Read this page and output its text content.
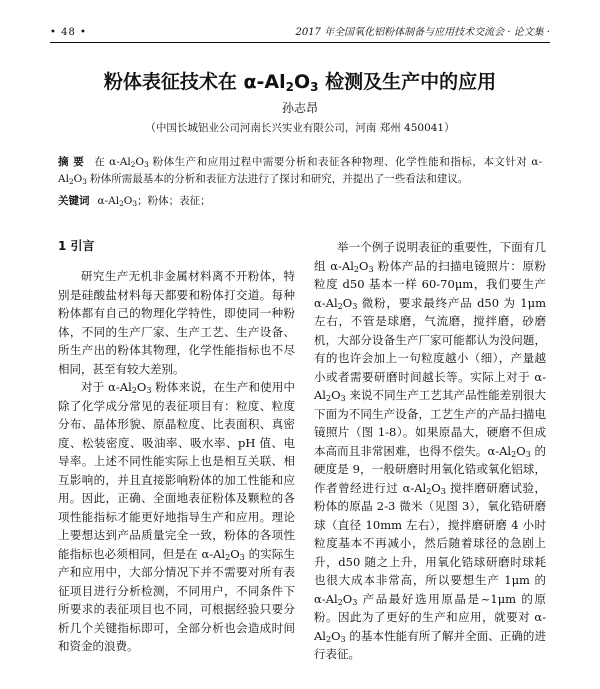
• 48 •	2017 年全国氧化铝粉体制备与应用技术交流会 · 论文集 ·
粉体表征技术在 $\alpha-Al_2O_3$ 检测及生产中的应用
孙志昂
（中国长城铝业公司河南长兴实业有限公司，河南 郑州 450041）
摘 要 在 $\alpha-Al_2O_3$ 粉体生产和应用过程中需要分析和表征各种物理、化学性能和指标，本文针对 $\alpha-Al_2O_3$ 粉体所需最基本的分析和表征方法进行了探讨和研究，并提出了一些看法和建议。
关键词 $\alpha-Al_2O_3$；粉体；表征；
1 引言

研究生产无机非金属材料离不开粉体，特别是硅酸盐材料每天都要和粉体打交道。每种粉体都有自己的物理化学特性，即使同一种粉体，不同的生产厂家、生产工艺、生产设备、所生产出的粉体其物理，化学性能指标也不尽相同，甚至有较大差别。

对于 $\alpha-Al_2O_3$ 粉体来说，在生产和使用中除了化学成分常见的表征项目有：粒度、粒度分布、晶体形貌、原晶粒度、比表面积、真密度、松装密度、吸油率、吸水率、pH 值、电导率。上述不同性能实际上也是相互关联、相互影响的，并且直接影响粉体的加工性能和应用。因此，正确、全面地表征粉体及颗粒的各项性能指标才能更好地指导生产和应用。理论上要想达到产品质量完全一致，粉体的各项性能指标也必须相同，但是在 $\alpha-Al_2O_3$ 的实际生产和应用中，大部分情况下并不需要对所有表征项目进行分析检测，不同用户，不同条件下所要求的表征项目也不同，可根据经验只要分析几个关键指标即可，全部分析也会造成时间和资金的浪费。

举一个例子说明表征的重要性，下面有几组 $\alpha-Al_2O_3$ 粉体产品的扫描电镜照片：原粉粒度 d50 基本一样 60-70μm，我们要生产 $\alpha-Al_2O_3$ 微粉，要求最终产品 d50 为 1μm 左右，不管是球磨，气流磨，搅拌磨，砂磨机，大部分设备生产厂家可能都认为没问题，有的也许会加上一句粒度越小（细），产量越小或者需要研磨时间越长等。实际上对于 $\alpha-Al_2O_3$ 来说不同生产工艺其产品性能差别很大下面为不同生产设备，工艺生产的产品扫描电镜照片（图 1-8）。如果原晶大，硬磨不但成本高而且非常困难，也得不偿失。$\alpha-Al_2O_3$ 的硬度是 9，一般研磨时用氧化锆或氧化铝球，作者曾经进行过 $\alpha-Al_2O_3$ 搅拌磨研磨试验，粉体的原晶 2-3 微米（见图 3），氧化锆研磨球（直径 10mm 左右），搅拌磨研磨 4 小时粒度基本不再减小，然后随着球径的急剧上升，d50 随之上升，用氧化锆球研磨时球耗也很大成本非常高，所以要想生产 1μm 的 $\alpha-Al_2O_3$ 产品最好选用原晶是~1μm 的原粉。因此为了更好的生产和应用，就要对 $\alpha-Al_2O_3$ 的基本性能有所了解并全面、正确的进行表征。
